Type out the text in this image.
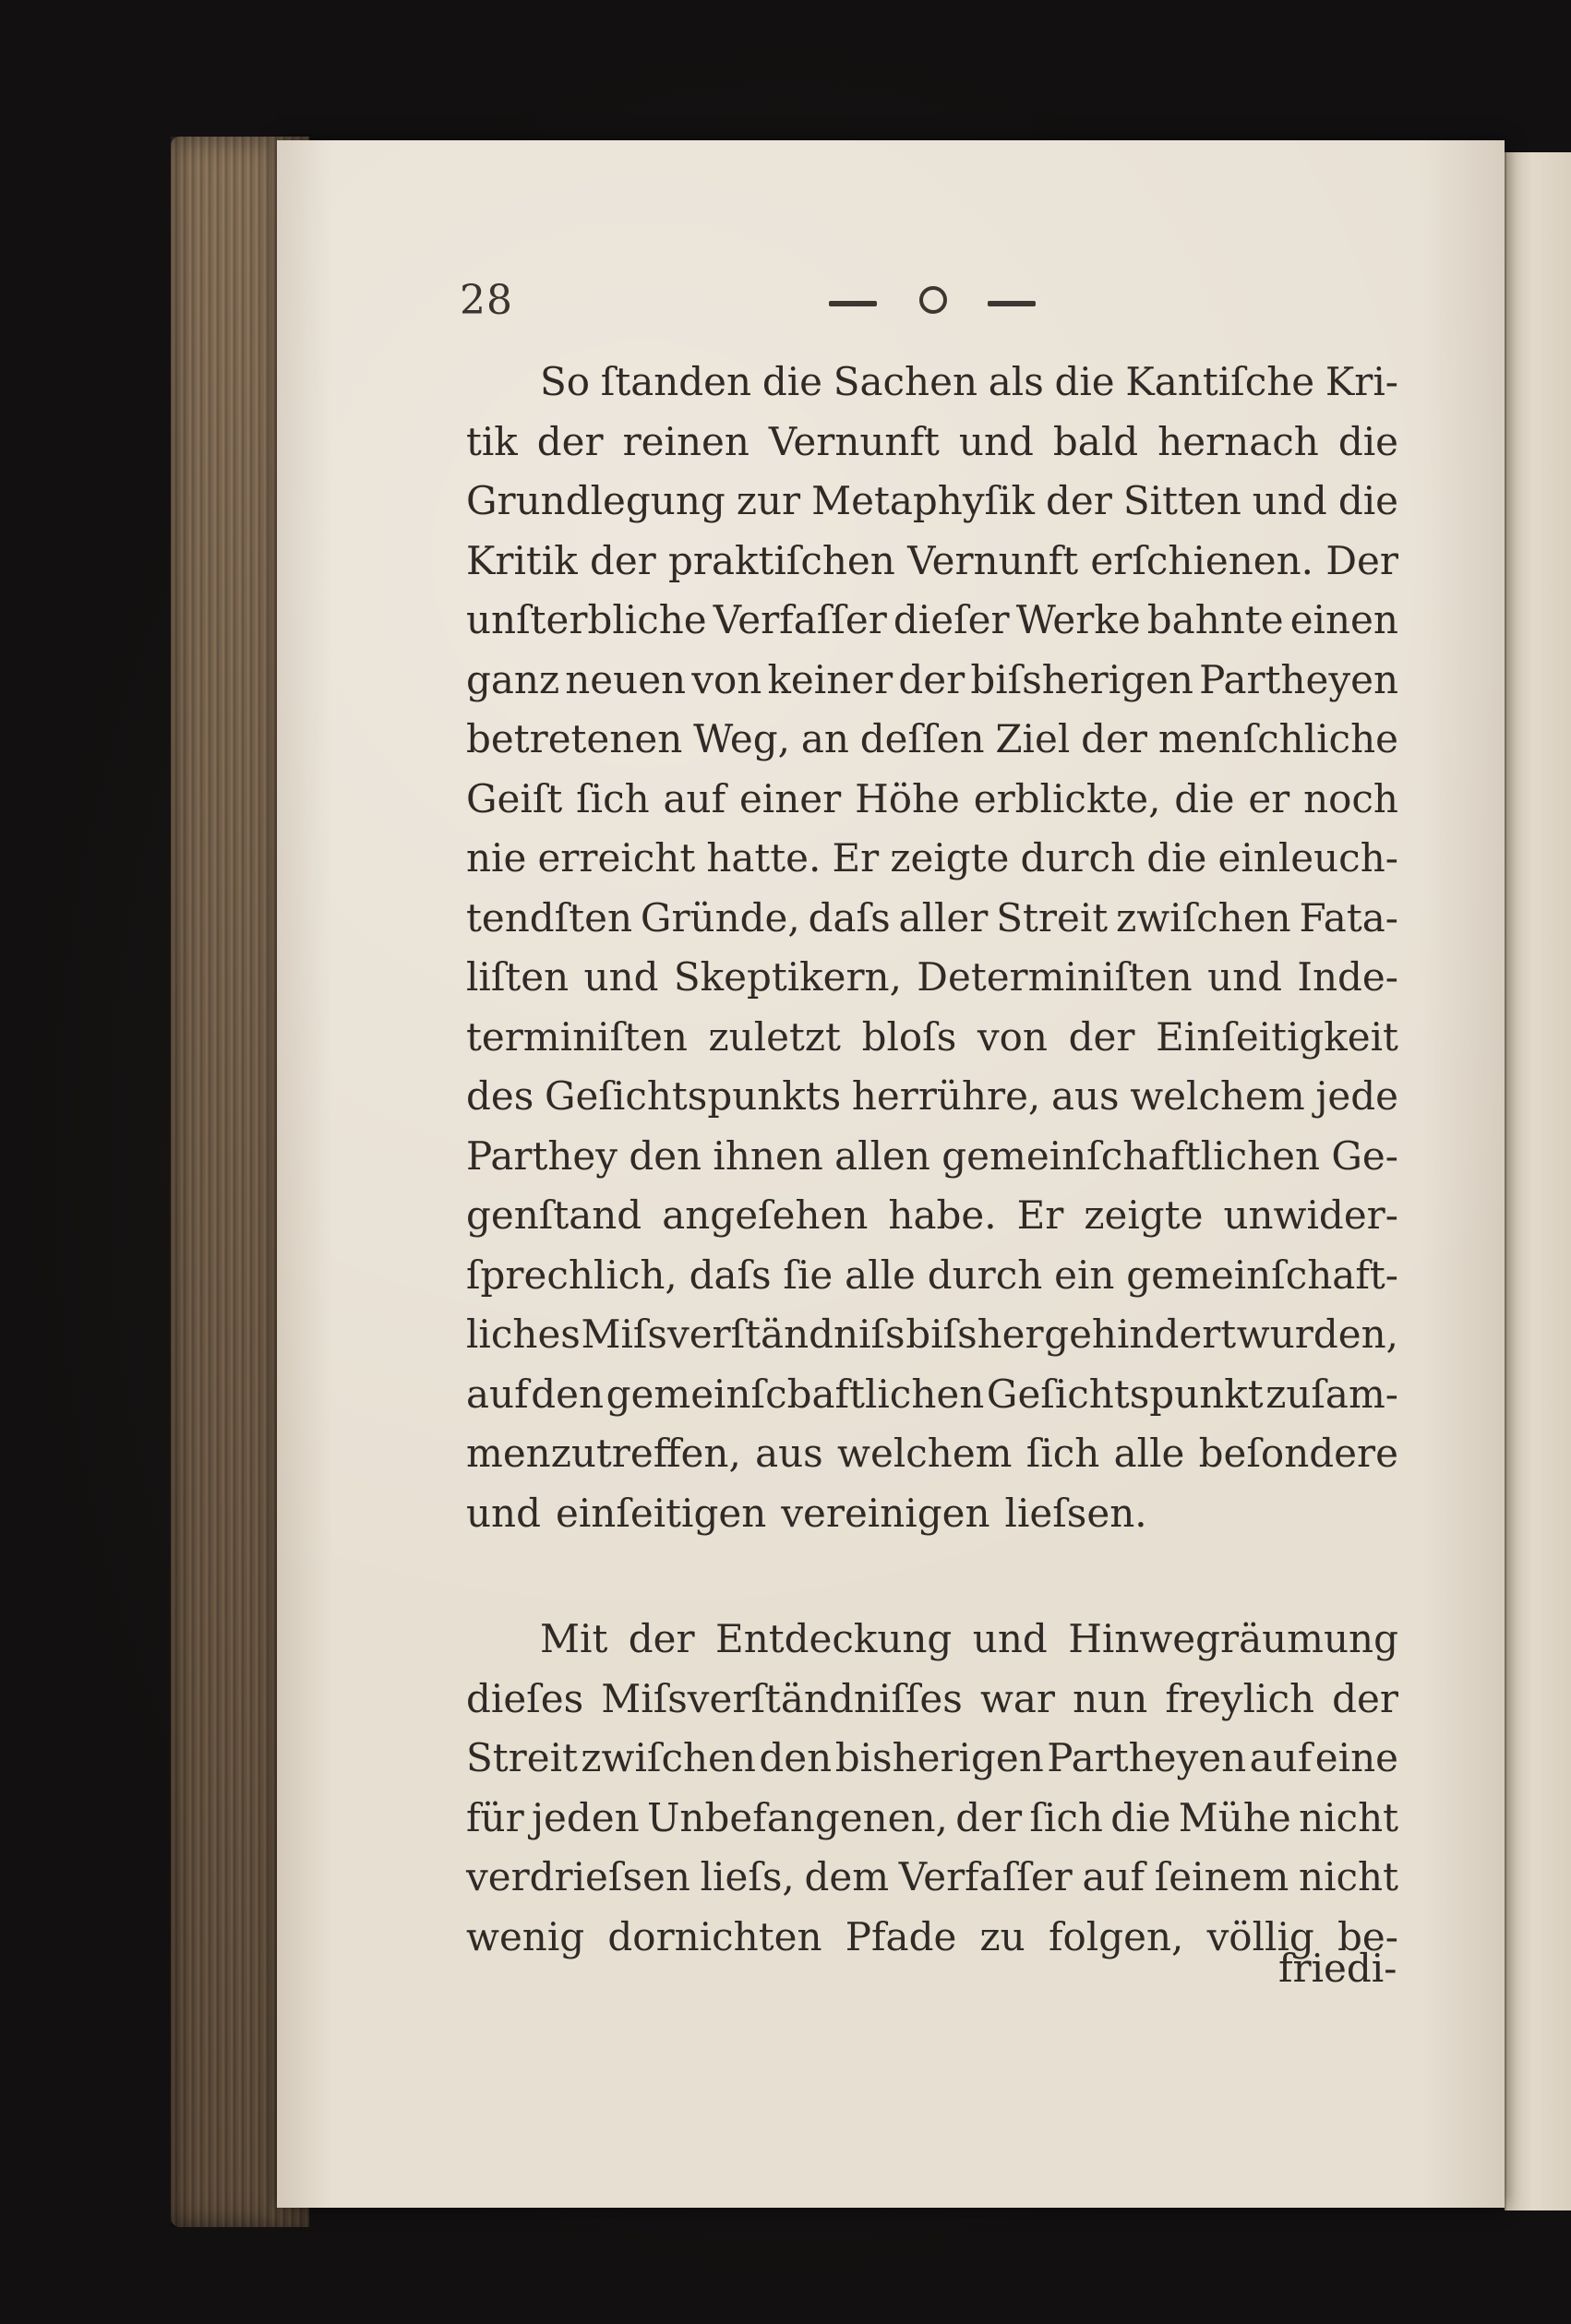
28
So ſtanden die Sachen als die Kantiſche Kri-
tik der reinen Vernunft und bald hernach die
Grundlegung zur Metaphyſik der Sitten und die
Kritik der praktiſchen Vernunft erſchienen. Der
unſterbliche Verfaſſer dieſer Werke bahnte einen
ganz neuen von keiner der biſsherigen Partheyen
betretenen Weg, an deſſen Ziel der menſchliche
Geiſt ſich auf einer Höhe erblickte, die er noch
nie erreicht hatte. Er zeigte durch die einleuch-
tendſten Gründe, daſs aller Streit zwiſchen Fata-
liſten und Skeptikern, Determiniſten und Inde-
terminiſten zuletzt bloſs von der Einſeitigkeit
des Geſichtspunkts herrühre, aus welchem jede
Parthey den ihnen allen gemeinſchaftlichen Ge-
genſtand angeſehen habe. Er zeigte unwider-
ſprechlich, daſs ſie alle durch ein gemeinſchaft-
liches Miſsverſtändniſs biſsher gehindert wurden,
auf den gemeinſcbaftlichen Geſichtspunkt zuſam-
menzutreffen, aus welchem ſich alle beſondere
und einſeitigen vereinigen lieſsen.
Mit der Entdeckung und Hinwegräumung
dieſes Miſsverſtändniſſes war nun freylich der
Streit zwiſchen den bisherigen Partheyen auf eine
für jeden Unbefangenen, der ſich die Mühe nicht
verdrieſsen lieſs, dem Verfaſſer auf ſeinem nicht
wenig dornichten Pfade zu folgen, völlig be-
friedi-
